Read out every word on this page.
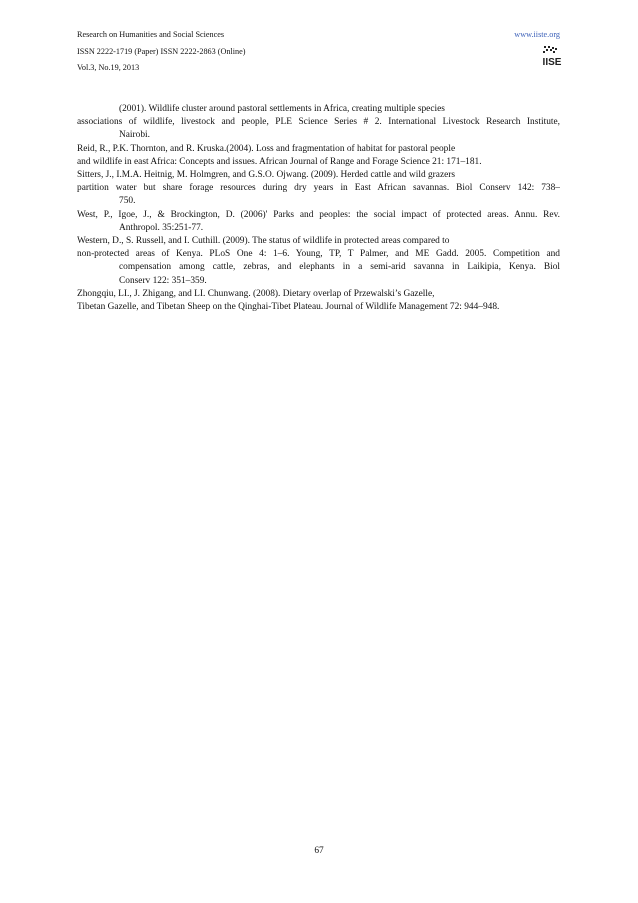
Research on Humanities and Social Sciences
ISSN 2222-1719 (Paper) ISSN 2222-2863 (Online)
Vol.3, No.19, 2013
www.iiste.org
IISE
(2001). Wildlife cluster around pastoral settlements in Africa, creating multiple species
associations of wildlife, livestock and people, PLE Science Series # 2. International Livestock Research Institute,
Nairobi.
Reid, R., P.K. Thornton, and R. Kruska.(2004). Loss and fragmentation of habitat for pastoral people
and wildlife in east Africa: Concepts and issues. African Journal of Range and Forage Science 21: 171–181.
Sitters, J., I.M.A. Heitnig, M. Holmgren, and G.S.O. Ojwang. (2009). Herded cattle and wild grazers
partition water but share forage resources during dry years in East African savannas. Biol Conserv 142: 738–
750.
West, P., Igoe, J., & Brockington, D. (2006)' Parks and peoples: the social impact of protected areas. Annu. Rev.
Anthropol. 35:251-77.
Western, D., S. Russell, and I. Cuthill. (2009). The status of wildlife in protected areas compared to
non-protected areas of Kenya. PLoS One 4: 1–6. Young, TP, T Palmer, and ME Gadd. 2005. Competition and
compensation among cattle, zebras, and elephants in a semi-arid savanna in Laikipia, Kenya. Biol
Conserv 122: 351–359.
Zhongqiu, LI., J. Zhigang, and LI. Chunwang. (2008). Dietary overlap of Przewalski’s Gazelle,
Tibetan Gazelle, and Tibetan Sheep on the Qinghai-Tibet Plateau. Journal of Wildlife Management 72: 944–948.
67
